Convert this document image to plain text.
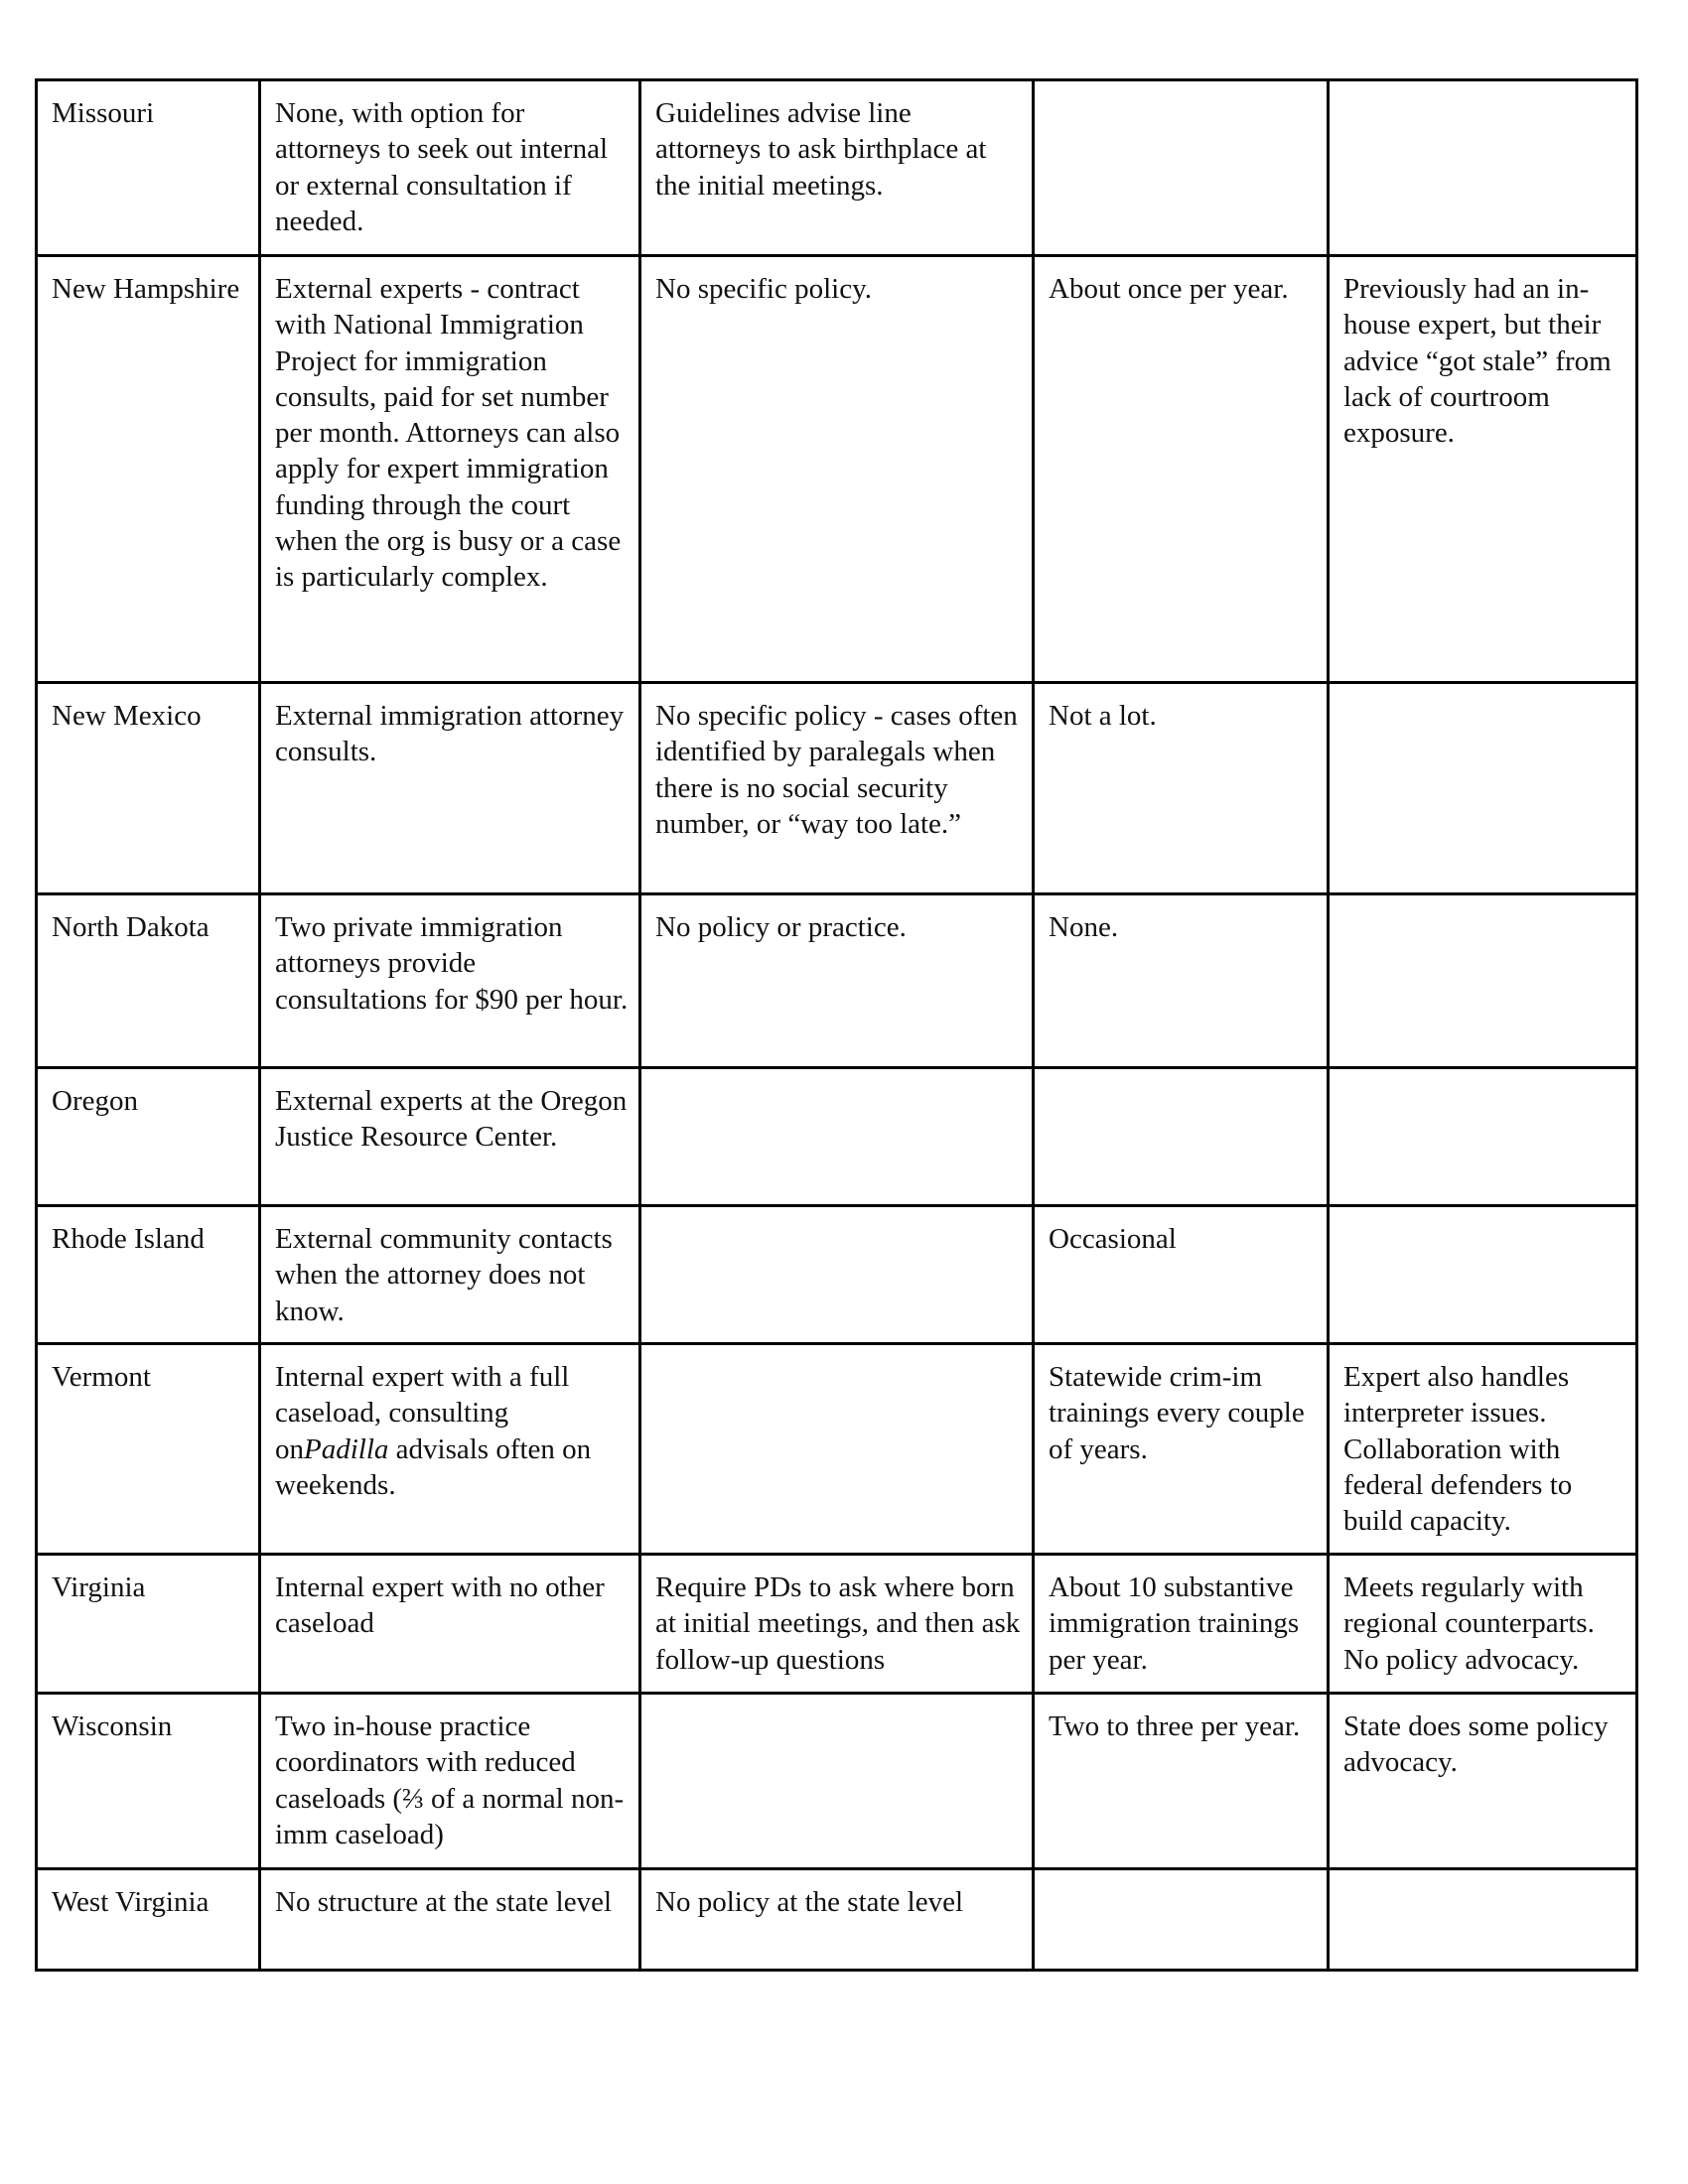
Missouri	None, with option for attorneys to seek out internal or external consultation if needed.	Guidelines advise line attorneys to ask birthplace at the initial meetings.		
New Hampshire	External experts - contract with National Immigration Project for immigration consults, paid for set number per month. Attorneys can also apply for expert immigration funding through the court when the org is busy or a case is particularly complex.	No specific policy.	About once per year.	Previously had an in-house expert, but their advice “got stale” from lack of courtroom exposure.
New Mexico	External immigration attorney consults.	No specific policy - cases often identified by paralegals when there is no social security number, or “way too late.”	Not a lot.	
North Dakota	Two private immigration attorneys provide consultations for $90 per hour.	No policy or practice.	None.	
Oregon	External experts at the Oregon Justice Resource Center.			
Rhode Island	External community contacts when the attorney does not know.		Occasional	
Vermont	Internal expert with a full caseload, consulting onPadilla advisals often on weekends.		Statewide crim-im trainings every couple of years.	Expert also handles interpreter issues. Collaboration with federal defenders to build capacity.
Virginia	Internal expert with no other caseload	Require PDs to ask where born at initial meetings, and then ask follow-up questions	About 10 substantive immigration trainings per year.	Meets regularly with regional counterparts. No policy advocacy.
Wisconsin	Two in-house practice coordinators with reduced caseloads (⅔ of a normal non-imm caseload)		Two to three per year.	State does some policy advocacy.
West Virginia	No structure at the state level	No policy at the state level		
